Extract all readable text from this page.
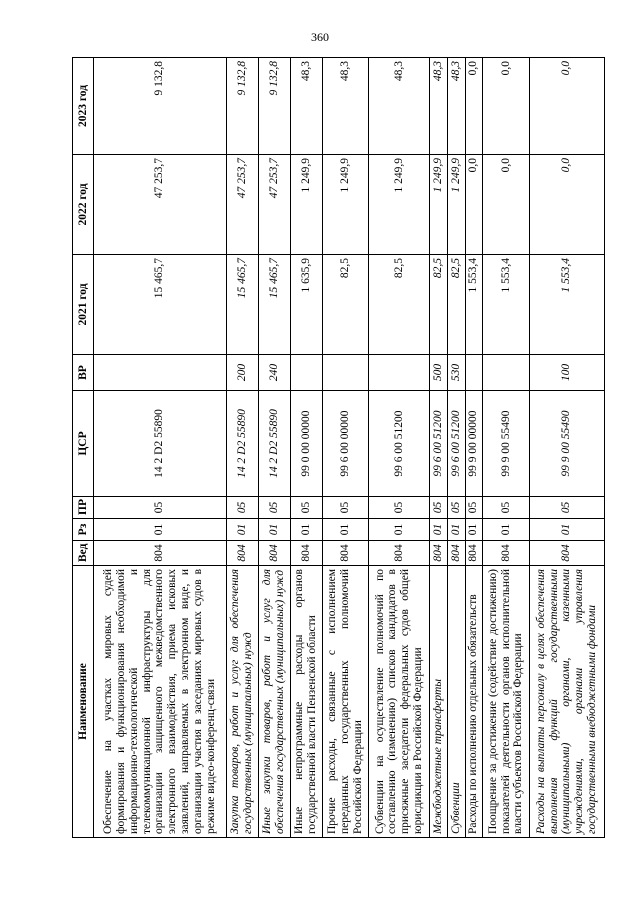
360
Наименование	Вед	Рз	ПР	ЦСР	ВР	2021 год	2022 год	2023 год
Обеспечение на участках мировых судей формирования и функционирования необходимой информационно-технологической и телекоммуникационной инфраструктуры для организации защищенного межведомственного электронного взаимодействия, приема исковых заявлений, направляемых в электронном виде, и организации участия в заседаниях мировых судов в режиме видео-конференц-связи	804	01	05	14 2 D2 55890		15 465,7	47 253,7	9 132,8
Закупка товаров, работ и услуг для обеспечения государственных (муниципальных) нужд	804	01	05	14 2 D2 55890	200	15 465,7	47 253,7	9 132,8
Иные закупки товаров, работ и услуг для обеспечения государственных (муниципальных) нужд	804	01	05	14 2 D2 55890	240	15 465,7	47 253,7	9 132,8
Иные непрограммные расходы органов государственной власти Пензенской области	804	01	05	99 0 00 00000		1 635,9	1 249,9	48,3
Прочие расходы, связанные с исполнением переданных государственных полномочий Российской Федерации	804	01	05	99 6 00 00000		82,5	1 249,9	48,3
Субвенции на осуществление полномочий по составлению (изменению) списков кандидатов в присяжные заседатели федеральных судов общей юрисдикции в Российской Федерации	804	01	05	99 6 00 51200		82,5	1 249,9	48,3
Межбюджетные трансферты	804	01	05	99 6 00 51200	500	82,5	1 249,9	48,3
Субвенции	804	01	05	99 6 00 51200	530	82,5	1 249,9	48,3
Расходы по исполнению отдельных обязательств	804	01	05	99 9 00 00000		1 553,4	0,0	0,0
Поощрение за достижение (содействие достижению) показателей деятельности органов исполнительной власти субъектов Российской Федерации	804	01	05	99 9 00 55490		1 553,4	0,0	0,0
Расходы на выплаты персоналу в целях обеспечения выполнения функций государственными (муниципальными) органами, казенными учреждениями, органами управления государственными внебюджетными фондами	804	01	05	99 9 00 55490	100	1 553,4	0,0	0,0
